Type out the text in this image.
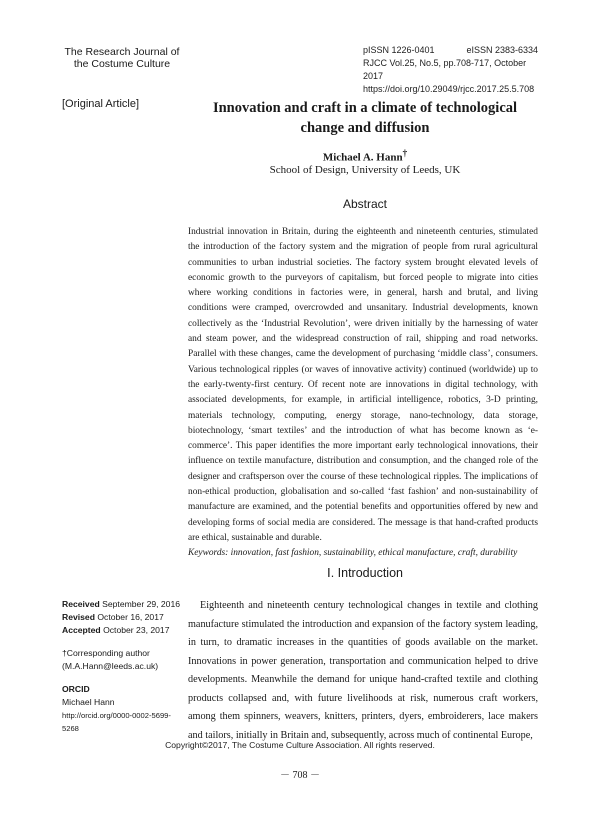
The Research Journal of
the Costume Culture
pISSN 1226-0401	eISSN 2383-6334
RJCC Vol.25, No.5, pp.708-717, October 2017
https://doi.org/10.29049/rjcc.2017.25.5.708
[Original Article]	Innovation and craft in a climate of technological change and diffusion
Michael A. Hann†
School of Design, University of Leeds, UK
Abstract

Industrial innovation in Britain, during the eighteenth and nineteenth centuries, stimulated the introduction of the factory system and the migration of people from rural agricultural communities to urban industrial societies. The factory system brought elevated levels of economic growth to the purveyors of capitalism, but forced people to migrate into cities where working conditions in factories were, in general, harsh and brutal, and living conditions were cramped, overcrowded and unsanitary. Industrial developments, known collectively as the ‘Industrial Revolution’, were driven initially by the harnessing of water and steam power, and the widespread construction of rail, shipping and road networks. Parallel with these changes, came the development of purchasing ‘middle class’, consumers. Various technological ripples (or waves of innovative activity) continued (worldwide) up to the early-twenty-first century. Of recent note are innovations in digital technology, with associated developments, for example, in artificial intelligence, robotics, 3-D printing, materials technology, computing, energy storage, nano-technology, data storage, biotechnology, ‘smart textiles’ and the introduction of what has become known as ‘e-commerce’. This paper identifies the more important early technological innovations, their influence on textile manufacture, distribution and consumption, and the changed role of the designer and craftsperson over the course of these technological ripples. The implications of non-ethical production, globalisation and so-called ‘fast fashion’ and non-sustainability of manufacture are examined, and the potential benefits and opportunities offered by new and developing forms of social media are considered. The message is that hand-crafted products are ethical, sustainable and durable.

Keywords: innovation, fast fashion, sustainability, ethical manufacture, craft, durability

Ⅰ. Introduction
Received September 29, 2016
Revised October 16, 2017
Accepted October 23, 2017
†Corresponding author
(M.A.Hann@leeds.ac.uk)
ORCID
Michael Hann
http://orcid.org/0000-0002-5699-5268

Eighteenth and nineteenth century technological changes in textile and clothing manufacture stimulated the introduction and expansion of the factory system leading, in turn, to dramatic increases in the quantities of goods available on the market. Innovations in power generation, transportation and communication helped to drive developments. Meanwhile the demand for unique hand-crafted textile and clothing products collapsed and, with future livelihoods at risk, numerous craft workers, among them spinners, weavers, knitters, printers, dyers, embroiderers, lace makers and tailors, initially in Britain and, subsequently, across much of continental Europe,

Copyright©2017, The Costume Culture Association. All rights reserved.
－ 708 －
